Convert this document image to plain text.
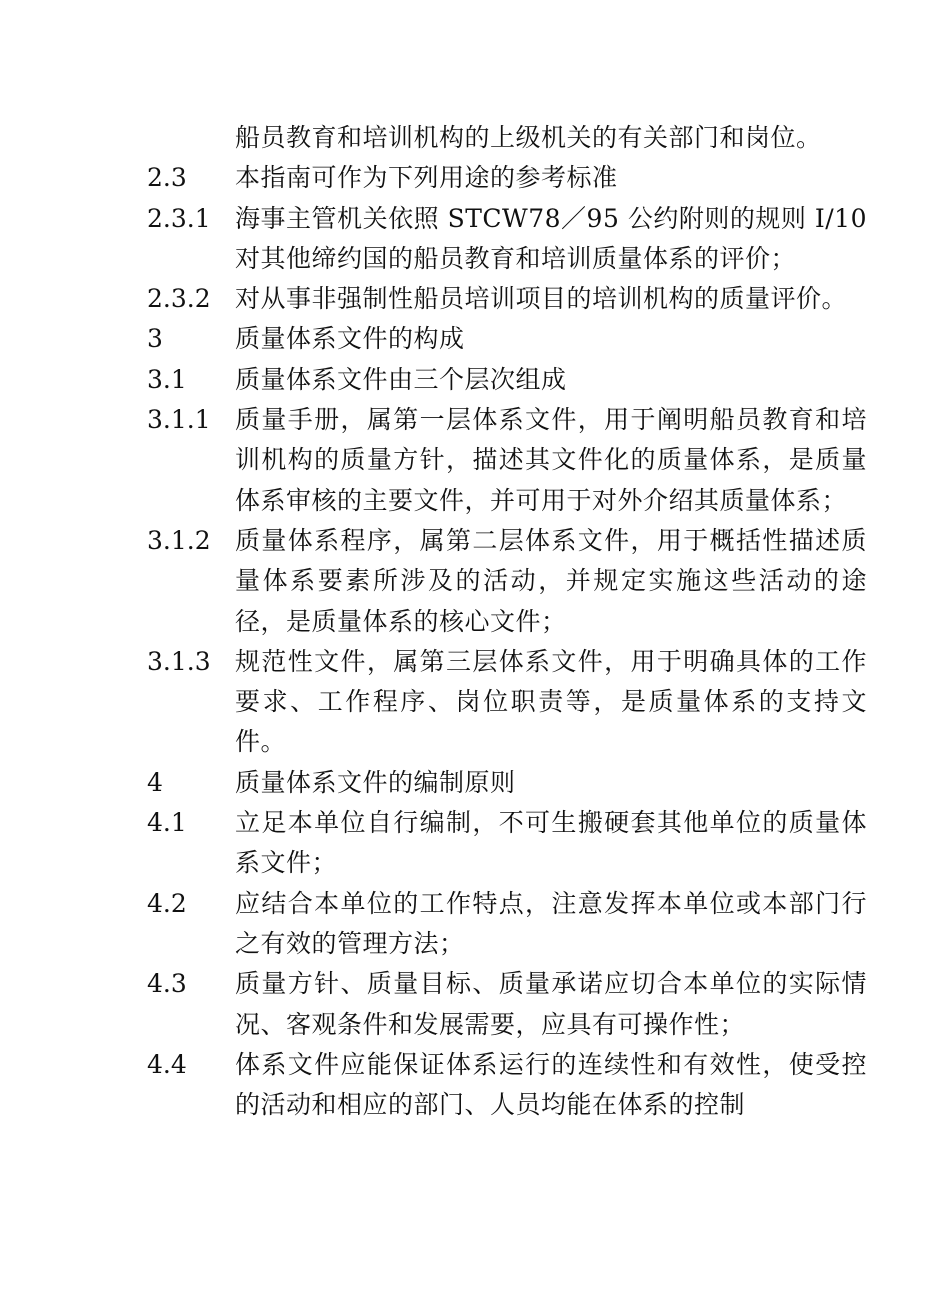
船员教育和培训机构的上级机关的有关部门和岗位。
2.3	本指南可作为下列用途的参考标准
2.3.1 海事主管机关依照 STCW78／95 公约附则的规则 I/10 对其他缔约国的船员教育和培训质量体系的评价；
2.3.2 对从事非强制性船员培训项目的培训机构的质量评价。
3	质量体系文件的构成
3.1	质量体系文件由三个层次组成
3.1.1 质量手册，属第一层体系文件，用于阐明船员教育和培训机构的质量方针，描述其文件化的质量体系，是质量体系审核的主要文件，并可用于对外介绍其质量体系；
3.1.2 质量体系程序，属第二层体系文件，用于概括性描述质量体系要素所涉及的活动，并规定实施这些活动的途径，是质量体系的核心文件；
3.1.3 规范性文件，属第三层体系文件，用于明确具体的工作要求、工作程序、岗位职责等，是质量体系的支持文件。
4	质量体系文件的编制原则
4.1	立足本单位自行编制，不可生搬硬套其他单位的质量体系文件；
4.2	应结合本单位的工作特点，注意发挥本单位或本部门行之有效的管理方法；
4.3	质量方针、质量目标、质量承诺应切合本单位的实际情况、客观条件和发展需要，应具有可操作性；
4.4	体系文件应能保证体系运行的连续性和有效性，使受控的活动和相应的部门、人员均能在体系的控制
